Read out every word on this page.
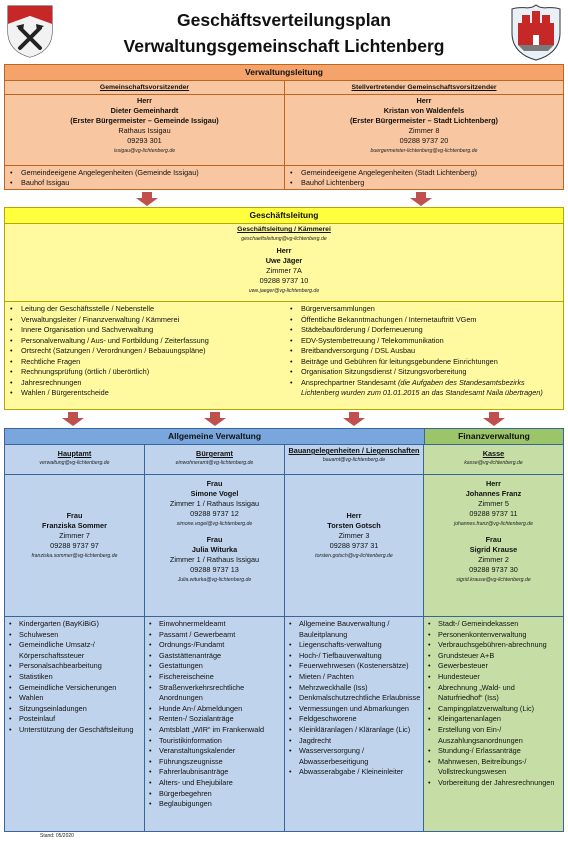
Geschäftsverteilungsplan
Verwaltungsgemeinschaft Lichtenberg
Verwaltungsleitung
Gemeinschaftsvorsitzender
Herr
Dieter Gemeinhardt
(Erster Bürgermeister – Gemeinde Issigau)
Rathaus Issigau
09293 301
issigau@vg-lichtenberg.de
• Gemeindeeigene Angelegenheiten (Gemeinde Issigau)
• Bauhof Issigau
Stellvertretender Gemeinschaftsvorsitzender
Herr
Kristan von Waldenfels
(Erster Bürgermeister – Stadt Lichtenberg)
Zimmer 8
09288 9737 20
buergermeister-lichtenberg@vg-lichtenberg.de
• Gemeindeeigene Angelegenheiten (Stadt Lichtenberg)
• Bauhof Lichtenberg
Geschäftsleitung
Geschäftsleitung / Kämmerei
geschaeftsleitung@vg-lichtenberg.de
Herr
Uwe Jäger
Zimmer 7A
09288 9737 10
uwe.jaeger@vg-lichtenberg.de
• Leitung der Geschäftsstelle / Nebenstelle
• Verwaltungsleiter / Finanzverwaltung / Kämmerei
• Innere Organisation und Sachverwaltung
• Personalverwaltung / Aus- und Fortbildung / Zeiterfassung
• Ortsrecht (Satzungen / Verordnungen / Bebauungspläne)
• Rechtliche Fragen
• Rechnungsprüfung (örtlich / überörtlich)
• Jahresrechnungen
• Wahlen / Bürgerentscheide
• Bürgerversammlungen
• Öffentliche Bekanntmachungen / Internetauftritt VGem
• Städtebauförderung / Dorferneuerung
• EDV-Systembetreuung / Telekommunikation
• Breitbandversorgung / DSL Ausbau
• Beiträge und Gebühren für leitungsgebundene Einrichtungen
• Organisation Sitzungsdienst / Sitzungsvorbereitung
• Ansprechpartner Standesamt (die Aufgaben des Standesamtsbezirks Lichtenberg wurden zum 01.01.2015 an das Standesamt Naila übertragen)
Allgemeine Verwaltung	Finanzverwaltung
Hauptamt
verwaltung@vg-lichtenberg.de
Frau
Franziska Sommer
Zimmer 7
09288 9737 97
franziska.sommer@vg-lichtenberg.de
• Kindergarten (BayKiBiG)
• Schulwesen
• Gemeindliche Umsatz-/ Körperschaftssteuer
• Personalsachbearbeitung
• Statistiken
• Gemeindliche Versicherungen
• Wahlen
• Sitzungseinladungen
• Posteinlauf
• Unterstützung der Geschäftsleitung
Bürgeramt
einwohneramt@vg-lichtenberg.de
Frau
Simone Vogel
Zimmer 1 / Rathaus Issigau
09288 9737 12
simone.vogel@vg-lichtenberg.de
Frau
Julia Witurka
Zimmer 1 / Rathaus Issigau
09288 9737 13
Julia.witurka@vg-lichtenberg.de
• Einwohnermeldeamt
• Passamt / Gewerbeamt
• Ordnungs-/Fundamt
• Gaststättenanträge
• Gestattungen
• Fischereischeine
• Straßenverkehrsrechtliche Anordnungen
• Hunde An-/ Abmeldungen
• Renten-/ Sozialanträge
• Amtsblatt „WIR“ im Frankenwald
• Touristikinformation
• Veranstaltungskalender
• Führungszeugnisse
• Fahrerlaubnisanträge
• Alters- und Ehejubilare
• Bürgerbegehren
• Beglaubigungen
Bauangelegenheiten / Liegenschaften
bauamt@vg-lichtenberg.de
Herr
Torsten Gotsch
Zimmer 3
09288 9737 31
torsten.gotsch@vg-lichtenberg.de
• Allgemeine Bauverwaltung / Bauleitplanung
• Liegenschafts-verwaltung
• Hoch-/ Tiefbauverwaltung
• Feuerwehrwesen (Kostenersätze)
• Mieten / Pachten
• Mehrzweckhalle (Iss)
• Denkmalschutzrechtliche Erlaubnisse
• Vermessungen und Abmarkungen
• Feldgeschworene
• Kleinkläranlagen / Kläranlage (Lic)
• Jagdrecht
• Wasserversorgung / Abwasserbeseitigung
• Abwasserabgabe / Kleineinleiter
Kasse
kasse@vg-lichtenberg.de
Herr
Johannes Franz
Zimmer 5
09288 9737 11
johannes.franz@vg-lichtenberg.de
Frau
Sigrid Krause
Zimmer 2
09288 9737 30
sigrid.krause@vg-lichtenberg.de
• Stadt-/ Gemeindekassen
• Personenkontenverwaltung
• Verbrauchsgebühren-abrechnung
• Grundsteuer A+B
• Gewerbesteuer
• Hundesteuer
• Abrechnung „Wald- und Naturfriedhof“ (Iss)
• Campingplatzverwaltung (Lic)
• Kleingartenanlagen
• Erstellung von Ein-/ Auszahlungsanordnungen
• Stundung-/ Erlassanträge
• Mahnwesen, Beitreibungs-/ Vollstreckungswesen
• Vorbereitung der Jahresrechnungen
Stand: 05/2020
